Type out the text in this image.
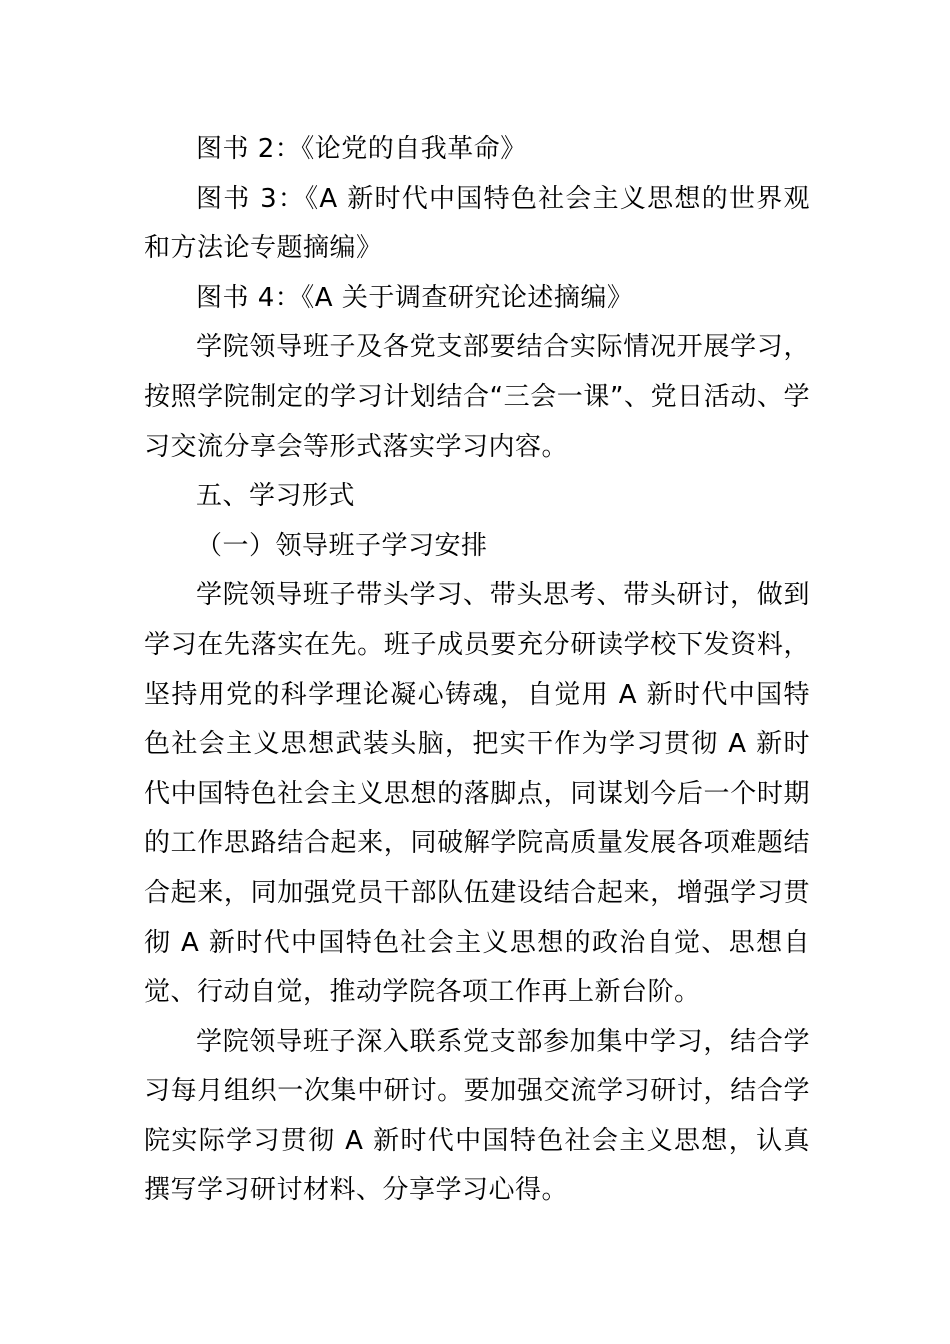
图书 2：《论党的自我革命》

图书 3：《A 新时代中国特色社会主义思想的世界观和方法论专题摘编》

图书 4：《A 关于调查研究论述摘编》

学院领导班子及各党支部要结合实际情况开展学习，按照学院制定的学习计划结合“三会一课”、党日活动、学习交流分享会等形式落实学习内容。

五、学习形式

（一）领导班子学习安排

学院领导班子带头学习、带头思考、带头研讨，做到学习在先落实在先。班子成员要充分研读学校下发资料，坚持用党的科学理论凝心铸魂，自觉用 A 新时代中国特色社会主义思想武装头脑，把实干作为学习贯彻 A 新时代中国特色社会主义思想的落脚点，同谋划今后一个时期的工作思路结合起来，同破解学院高质量发展各项难题结合起来，同加强党员干部队伍建设结合起来，增强学习贯彻 A 新时代中国特色社会主义思想的政治自觉、思想自觉、行动自觉，推动学院各项工作再上新台阶。

学院领导班子深入联系党支部参加集中学习，结合学习每月组织一次集中研讨。要加强交流学习研讨，结合学院实际学习贯彻 A 新时代中国特色社会主义思想，认真撰写学习研讨材料、分享学习心得。
